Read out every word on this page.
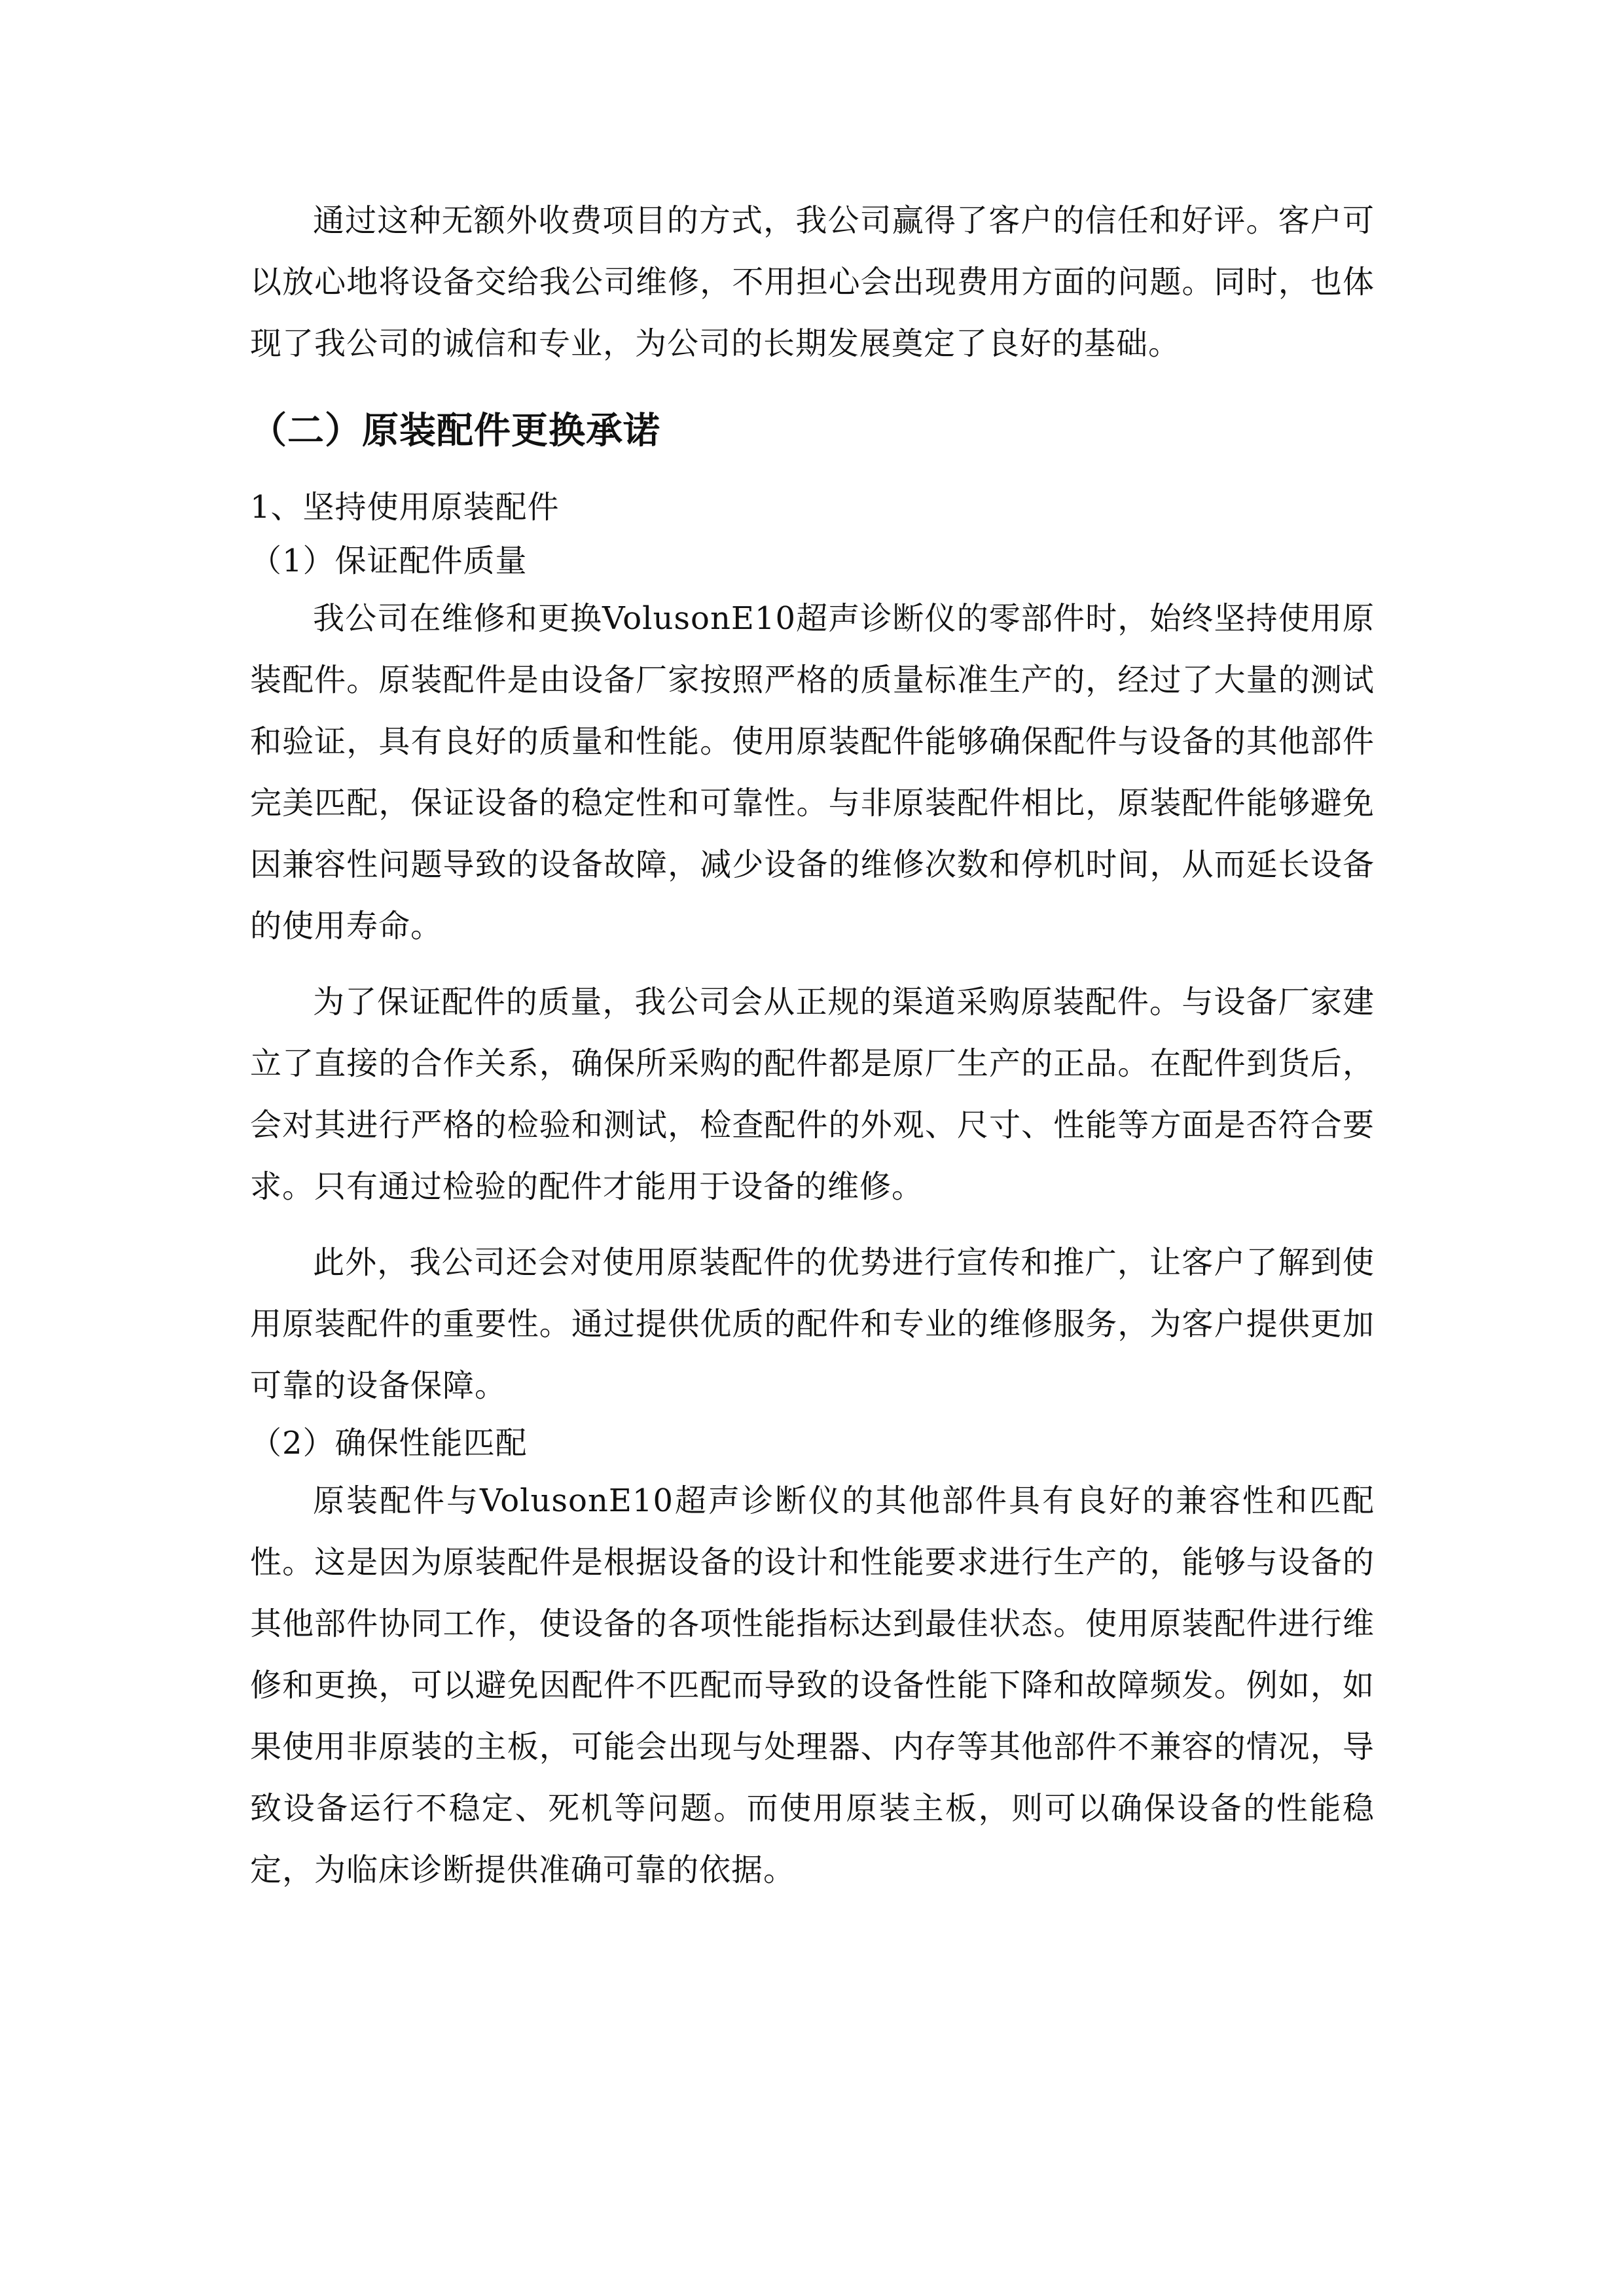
通过这种无额外收费项目的方式，我公司赢得了客户的信任和好评。客户可以放心地将设备交给我公司维修，不用担心会出现费用方面的问题。同时，也体现了我公司的诚信和专业，为公司的长期发展奠定了良好的基础。

（二）原装配件更换承诺
1、坚持使用原装配件
（1）保证配件质量

我公司在维修和更换VolusonE10超声诊断仪的零部件时，始终坚持使用原装配件。原装配件是由设备厂家按照严格的质量标准生产的，经过了大量的测试和验证，具有良好的质量和性能。使用原装配件能够确保配件与设备的其他部件完美匹配，保证设备的稳定性和可靠性。与非原装配件相比，原装配件能够避免因兼容性问题导致的设备故障，减少设备的维修次数和停机时间，从而延长设备的使用寿命。

为了保证配件的质量，我公司会从正规的渠道采购原装配件。与设备厂家建立了直接的合作关系，确保所采购的配件都是原厂生产的正品。在配件到货后，会对其进行严格的检验和测试，检查配件的外观、尺寸、性能等方面是否符合要求。只有通过检验的配件才能用于设备的维修。

此外，我公司还会对使用原装配件的优势进行宣传和推广，让客户了解到使用原装配件的重要性。通过提供优质的配件和专业的维修服务，为客户提供更加可靠的设备保障。

（2）确保性能匹配

原装配件与VolusonE10超声诊断仪的其他部件具有良好的兼容性和匹配性。这是因为原装配件是根据设备的设计和性能要求进行生产的，能够与设备的其他部件协同工作，使设备的各项性能指标达到最佳状态。使用原装配件进行维修和更换，可以避免因配件不匹配而导致的设备性能下降和故障频发。例如，如果使用非原装的主板，可能会出现与处理器、内存等其他部件不兼容的情况，导致设备运行不稳定、死机等问题。而使用原装主板，则可以确保设备的性能稳定，为临床诊断提供准确可靠的依据。
